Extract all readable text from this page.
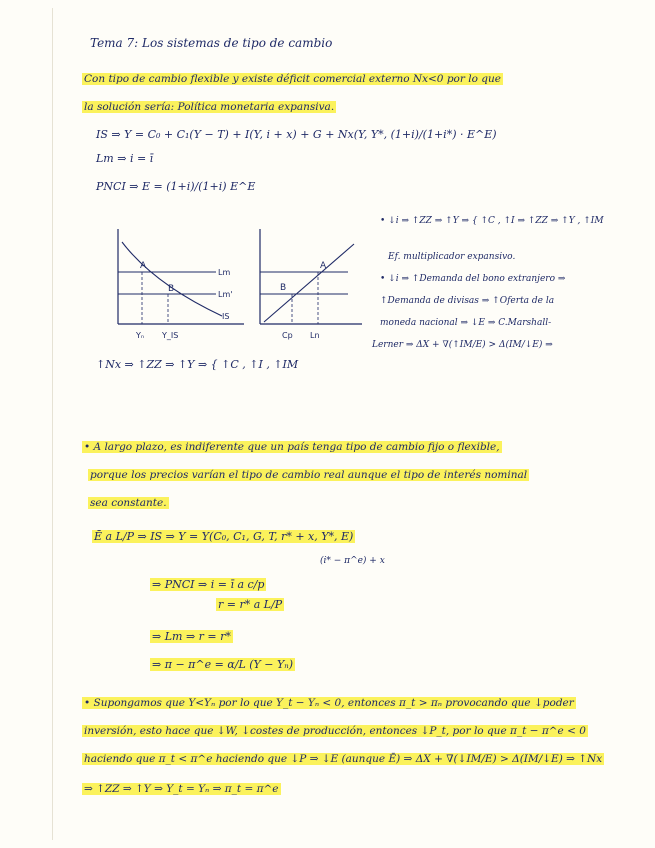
Tema 7: Los sistemas de tipo de cambio
Con tipo de cambio flexible y existe déficit comercial externo Nx<0 por lo que
la solución sería: Política monetaria expansiva.
IS ⇒ Y = C₀ + C₁(Y − T) + I(Y, i + x) + G + Nx(Y, Y*, (1+i)/(1+i*) · E^E)
Lm ⇒ i = ī
PNCI ⇒ E = (1+i)/(1+i) E^E
A
B
Lm
Lm'
IS
Yₙ Y_IS
A
B
Cp Ln
• ↓i ⇒ ↑ZZ ⇒ ↑Y ⇒ { ↑C , ↑I ⇒ ↑ZZ ⇒ ↑Y , ↑IM
Ef. multiplicador expansivo.
• ↓i ⇒ ↑Demanda del bono extranjero ⇒
↑Demanda de divisas ⇒ ↑Oferta de la
moneda nacional ⇒ ↓E ⇒ C.Marshall-
Lerner ⇒ ΔX + ∇(↑IM/E) > Δ(IM/↓E) ⇒
↑Nx ⇒ ↑ZZ ⇒ ↑Y ⇒ { ↑C , ↑I , ↑IM
• A largo plazo, es indiferente que un país tenga tipo de cambio fijo o flexible,
porque los precios varían el tipo de cambio real aunque el tipo de interés nominal
sea constante.
Ē a L/P ⇒ IS ⇒ Y = Y(C₀, C₁, G, T, r* + x, Y*, E)
(i* − π^e) + x
⇒ PNCI ⇒ i = ī a c/p
r = r* a L/P
⇒ Lm ⇒ r = r*
⇒ π − π^e = α/L (Y − Yₙ)
• Supongamos que Y<Yₙ por lo que Y_t − Yₙ < 0, entonces π_t > πₙ provocando que ↓poder
inversión, esto hace que ↓W, ↓costes de producción, entonces ↓P_t, por lo que π_t − π^e < 0
haciendo que π_t < π^e haciendo que ↓P ⇒ ↓E (aunque Ē) ⇒ ΔX + ∇(↓IM/E) > Δ(IM/↓E) ⇒ ↑Nx
⇒ ↑ZZ ⇒ ↑Y ⇒ Y_t = Yₙ ⇒ π_t = π^e
